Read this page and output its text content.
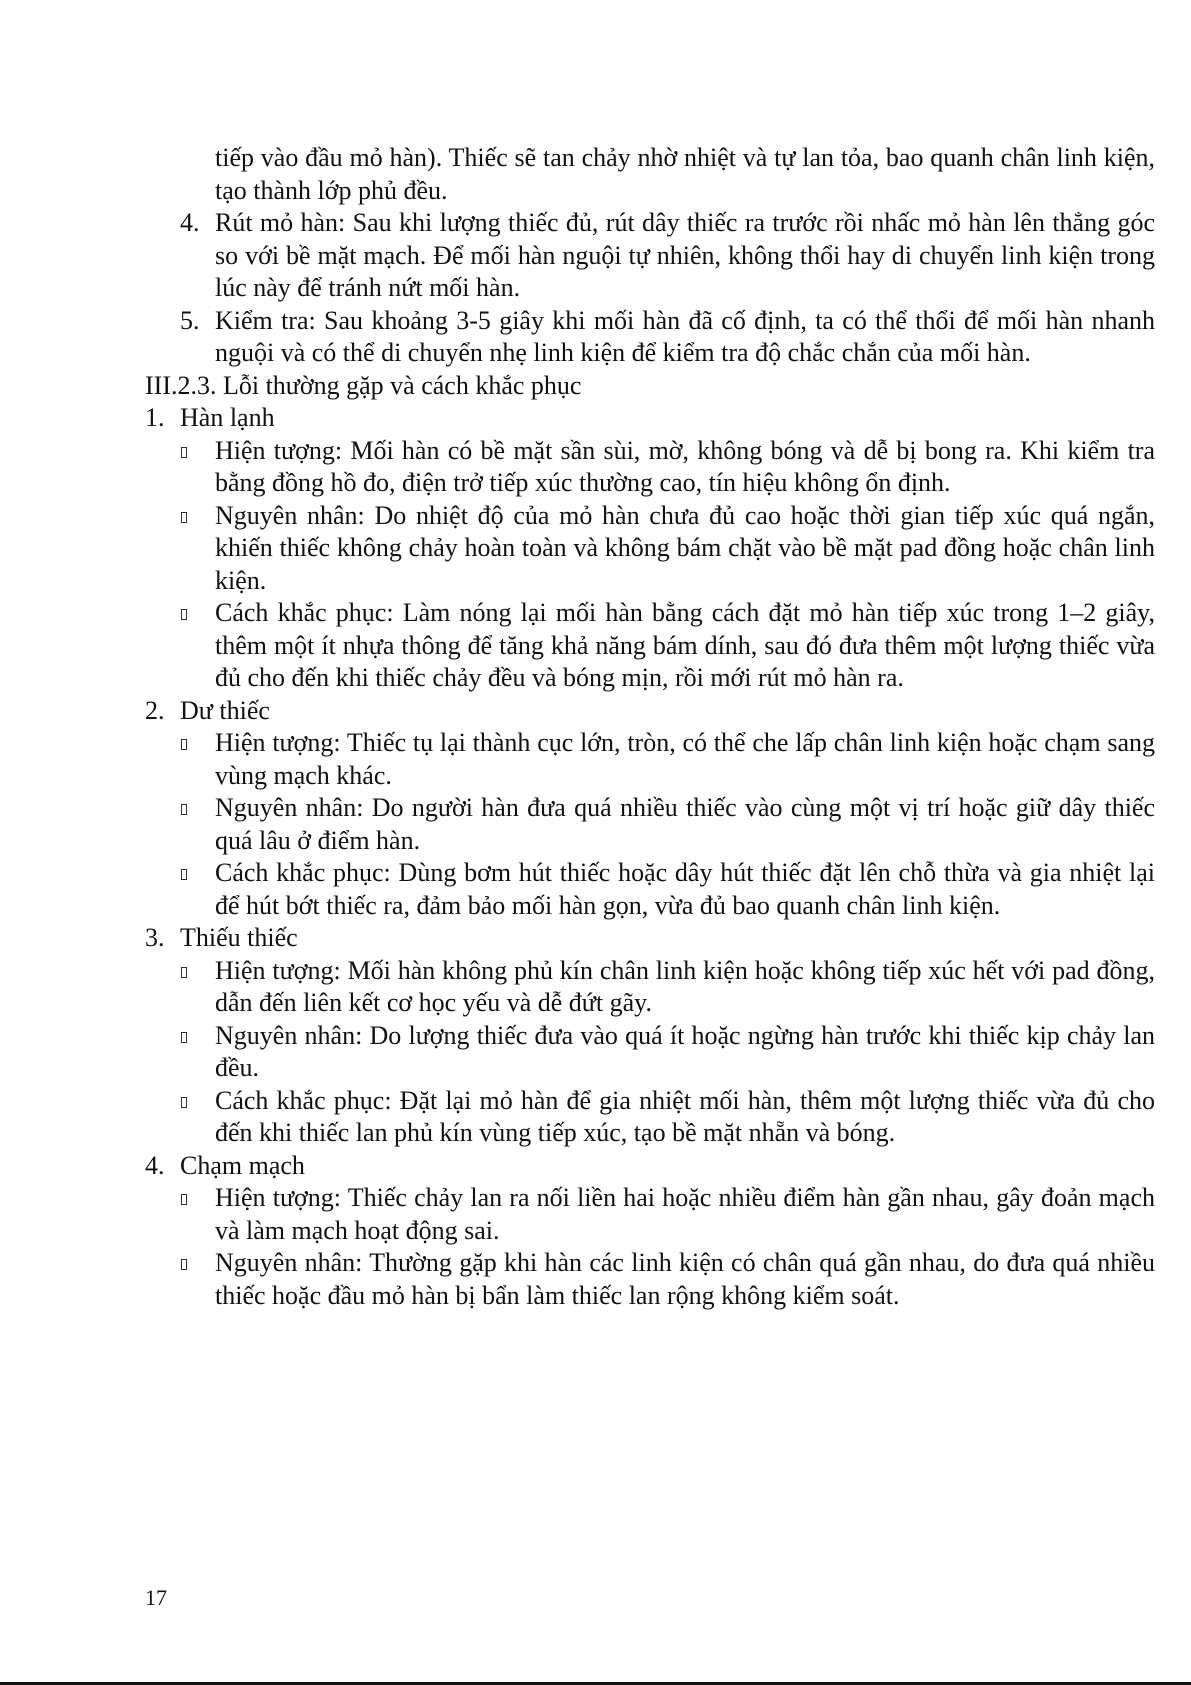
tiếp vào đầu mỏ hàn). Thiếc sẽ tan chảy nhờ nhiệt và tự lan tỏa, bao quanh chân linh kiện, tạo thành lớp phủ đều.

4. Rút mỏ hàn: Sau khi lượng thiếc đủ, rút dây thiếc ra trước rồi nhấc mỏ hàn lên thẳng góc so với bề mặt mạch. Để mối hàn nguội tự nhiên, không thổi hay di chuyển linh kiện trong lúc này để tránh nứt mối hàn.
5. Kiểm tra: Sau khoảng 3-5 giây khi mối hàn đã cố định, ta có thể thổi để mối hàn nhanh nguội và có thể di chuyển nhẹ linh kiện để kiểm tra độ chắc chắn của mối hàn.

III.2.3. Lỗi thường gặp và cách khắc phục

1. Hàn lạnh
Hiện tượng: Mối hàn có bề mặt sần sùi, mờ, không bóng và dễ bị bong ra. Khi kiểm tra bằng đồng hồ đo, điện trở tiếp xúc thường cao, tín hiệu không ổn định.
Nguyên nhân: Do nhiệt độ của mỏ hàn chưa đủ cao hoặc thời gian tiếp xúc quá ngắn, khiến thiếc không chảy hoàn toàn và không bám chặt vào bề mặt pad đồng hoặc chân linh kiện.
Cách khắc phục: Làm nóng lại mối hàn bằng cách đặt mỏ hàn tiếp xúc trong 1–2 giây, thêm một ít nhựa thông để tăng khả năng bám dính, sau đó đưa thêm một lượng thiếc vừa đủ cho đến khi thiếc chảy đều và bóng mịn, rồi mới rút mỏ hàn ra.
2. Dư thiếc
Hiện tượng: Thiếc tụ lại thành cục lớn, tròn, có thể che lấp chân linh kiện hoặc chạm sang vùng mạch khác.
Nguyên nhân: Do người hàn đưa quá nhiều thiếc vào cùng một vị trí hoặc giữ dây thiếc quá lâu ở điểm hàn.
Cách khắc phục: Dùng bơm hút thiếc hoặc dây hút thiếc đặt lên chỗ thừa và gia nhiệt lại để hút bớt thiếc ra, đảm bảo mối hàn gọn, vừa đủ bao quanh chân linh kiện.
3. Thiếu thiếc
Hiện tượng: Mối hàn không phủ kín chân linh kiện hoặc không tiếp xúc hết với pad đồng, dẫn đến liên kết cơ học yếu và dễ đứt gãy.
Nguyên nhân: Do lượng thiếc đưa vào quá ít hoặc ngừng hàn trước khi thiếc kịp chảy lan đều.
Cách khắc phục: Đặt lại mỏ hàn để gia nhiệt mối hàn, thêm một lượng thiếc vừa đủ cho đến khi thiếc lan phủ kín vùng tiếp xúc, tạo bề mặt nhẵn và bóng.
4. Chạm mạch
Hiện tượng: Thiếc chảy lan ra nối liền hai hoặc nhiều điểm hàn gần nhau, gây đoản mạch và làm mạch hoạt động sai.
Nguyên nhân: Thường gặp khi hàn các linh kiện có chân quá gần nhau, do đưa quá nhiều thiếc hoặc đầu mỏ hàn bị bẩn làm thiếc lan rộng không kiểm soát.
17
